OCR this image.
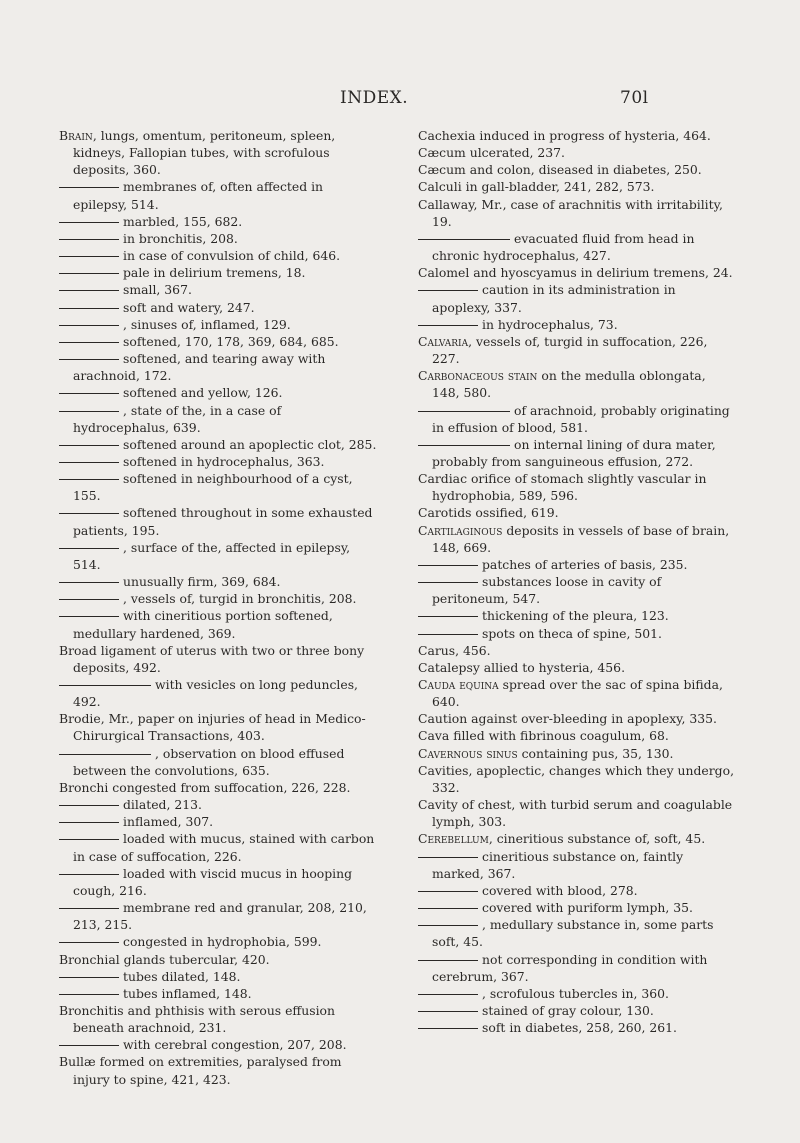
INDEX.	70l
Brain, lungs, omentum, peritoneum, spleen, kidneys, Fallopian tubes, with scrofulous deposits, 360.
membranes of, often affected in epilepsy, 514.
marbled, 155, 682.
in bronchitis, 208.
in case of convulsion of child, 646.
pale in delirium tremens, 18.
small, 367.
soft and watery, 247.
, sinuses of, inflamed, 129.
softened, 170, 178, 369, 684, 685.
softened, and tearing away with arachnoid, 172.
softened and yellow, 126.
, state of the, in a case of hydrocephalus, 639.
softened around an apoplectic clot, 285.
softened in hydrocephalus, 363.
softened in neighbourhood of a cyst, 155.
softened throughout in some exhausted patients, 195.
, surface of the, affected in epilepsy, 514.
unusually firm, 369, 684.
, vessels of, turgid in bronchitis, 208.
with cineritious portion softened, medullary hardened, 369.
Broad ligament of uterus with two or three bony deposits, 492.
with vesicles on long peduncles, 492.
Brodie, Mr., paper on injuries of head in Medico-Chirurgical Transactions, 403.
, observation on blood effused between the convolutions, 635.
Bronchi congested from suffocation, 226, 228.
dilated, 213.
inflamed, 307.
loaded with mucus, stained with carbon in case of suffocation, 226.
loaded with viscid mucus in hooping cough, 216.
membrane red and granular, 208, 210, 213, 215.
congested in hydrophobia, 599.
Bronchial glands tubercular, 420.
tubes dilated, 148.
tubes inflamed, 148.
Bronchitis and phthisis with serous effusion beneath arachnoid, 231.
with cerebral congestion, 207, 208.
Bullæ formed on extremities, paralysed from injury to spine, 421, 423.
Cachexia induced in progress of hysteria, 464.
Cæcum ulcerated, 237.
Cæcum and colon, diseased in diabetes, 250.
Calculi in gall-bladder, 241, 282, 573.
Callaway, Mr., case of arachnitis with irritability, 19.
evacuated fluid from head in chronic hydrocephalus, 427.
Calomel and hyoscyamus in delirium tremens, 24.
caution in its administration in apoplexy, 337.
in hydrocephalus, 73.
Calvaria, vessels of, turgid in suffocation, 226, 227.
Carbonaceous stain on the medulla oblongata, 148, 580.
of arachnoid, probably originating in effusion of blood, 581.
on internal lining of dura mater, probably from sanguineous effusion, 272.
Cardiac orifice of stomach slightly vascular in hydrophobia, 589, 596.
Carotids ossified, 619.
Cartilaginous deposits in vessels of base of brain, 148, 669.
patches of arteries of basis, 235.
substances loose in cavity of peritoneum, 547.
thickening of the pleura, 123.
spots on theca of spine, 501.
Carus, 456.
Catalepsy allied to hysteria, 456.
Cauda equina spread over the sac of spina bifida, 640.
Caution against over-bleeding in apoplexy, 335.
Cava filled with fibrinous coagulum, 68.
Cavernous sinus containing pus, 35, 130.
Cavities, apoplectic, changes which they undergo, 332.
Cavity of chest, with turbid serum and coagulable lymph, 303.
Cerebellum, cineritious substance of, soft, 45.
cineritious substance on, faintly marked, 367.
covered with blood, 278.
covered with puriform lymph, 35.
, medullary substance in, some parts soft, 45.
not corresponding in condition with cerebrum, 367.
, scrofulous tubercles in, 360.
stained of gray colour, 130.
soft in diabetes, 258, 260, 261.
